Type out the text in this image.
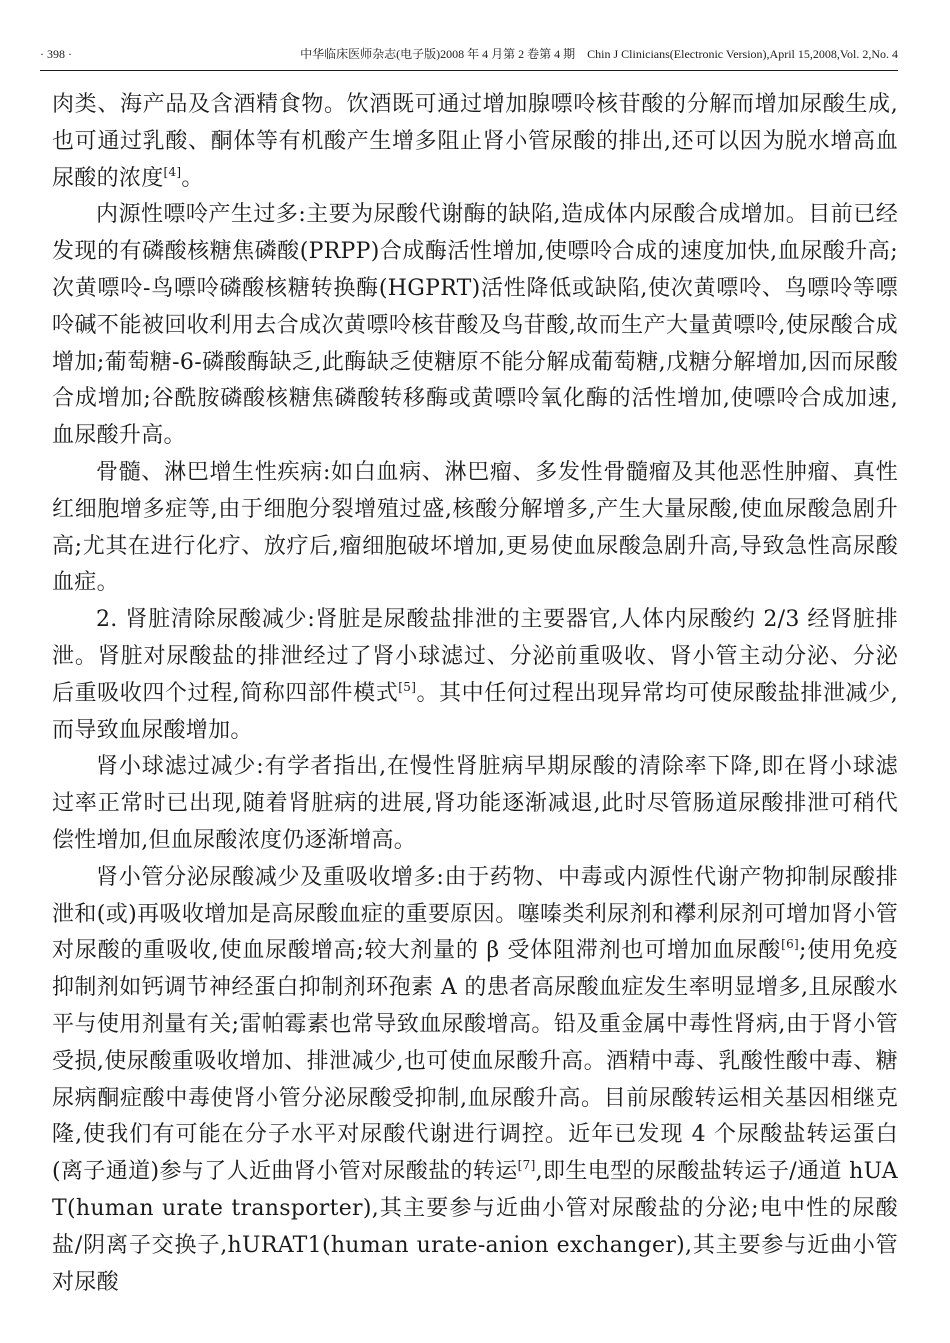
· 398 ·	中华临床医师杂志(电子版)2008 年 4 月第 2 卷第 4 期　Chin J Clinicians(Electronic Version),April 15,2008,Vol. 2,No. 4

肉类、海产品及含酒精食物。饮酒既可通过增加腺嘌呤核苷酸的分解而增加尿酸生成,也可通过乳酸、酮体等有机酸产生增多阻止肾小管尿酸的排出,还可以因为脱水增高血尿酸的浓度[4]。

内源性嘌呤产生过多:主要为尿酸代谢酶的缺陷,造成体内尿酸合成增加。目前已经发现的有磷酸核糖焦磷酸(PRPP)合成酶活性增加,使嘌呤合成的速度加快,血尿酸升高;次黄嘌呤-鸟嘌呤磷酸核糖转换酶(HGPRT)活性降低或缺陷,使次黄嘌呤、鸟嘌呤等嘌呤碱不能被回收利用去合成次黄嘌呤核苷酸及鸟苷酸,故而生产大量黄嘌呤,使尿酸合成增加;葡萄糖-6-磷酸酶缺乏,此酶缺乏使糖原不能分解成葡萄糖,戊糖分解增加,因而尿酸合成增加;谷酰胺磷酸核糖焦磷酸转移酶或黄嘌呤氧化酶的活性增加,使嘌呤合成加速,血尿酸升高。

骨髓、淋巴增生性疾病:如白血病、淋巴瘤、多发性骨髓瘤及其他恶性肿瘤、真性红细胞增多症等,由于细胞分裂增殖过盛,核酸分解增多,产生大量尿酸,使血尿酸急剧升高;尤其在进行化疗、放疗后,瘤细胞破坏增加,更易使血尿酸急剧升高,导致急性高尿酸血症。

2. 肾脏清除尿酸减少:肾脏是尿酸盐排泄的主要器官,人体内尿酸约 2/3 经肾脏排泄。肾脏对尿酸盐的排泄经过了肾小球滤过、分泌前重吸收、肾小管主动分泌、分泌后重吸收四个过程,简称四部件模式[5]。其中任何过程出现异常均可使尿酸盐排泄减少,而导致血尿酸增加。

肾小球滤过减少:有学者指出,在慢性肾脏病早期尿酸的清除率下降,即在肾小球滤过率正常时已出现,随着肾脏病的进展,肾功能逐渐减退,此时尽管肠道尿酸排泄可稍代偿性增加,但血尿酸浓度仍逐渐增高。

肾小管分泌尿酸减少及重吸收增多:由于药物、中毒或内源性代谢产物抑制尿酸排泄和(或)再吸收增加是高尿酸血症的重要原因。噻嗪类利尿剂和襻利尿剂可增加肾小管对尿酸的重吸收,使血尿酸增高;较大剂量的 β 受体阻滞剂也可增加血尿酸[6];使用免疫抑制剂如钙调节神经蛋白抑制剂环孢素 A 的患者高尿酸血症发生率明显增多,且尿酸水平与使用剂量有关;雷帕霉素也常导致血尿酸增高。铅及重金属中毒性肾病,由于肾小管受损,使尿酸重吸收增加、排泄减少,也可使血尿酸升高。酒精中毒、乳酸性酸中毒、糖尿病酮症酸中毒使肾小管分泌尿酸受抑制,血尿酸升高。目前尿酸转运相关基因相继克隆,使我们有可能在分子水平对尿酸代谢进行调控。近年已发现 4 个尿酸盐转运蛋白(离子通道)参与了人近曲肾小管对尿酸盐的转运[7],即生电型的尿酸盐转运子/通道 hUAT(human urate transporter),其主要参与近曲小管对尿酸盐的分泌;电中性的尿酸盐/阴离子交换子,hURAT1(human urate-anion exchanger),其主要参与近曲小管对尿酸
